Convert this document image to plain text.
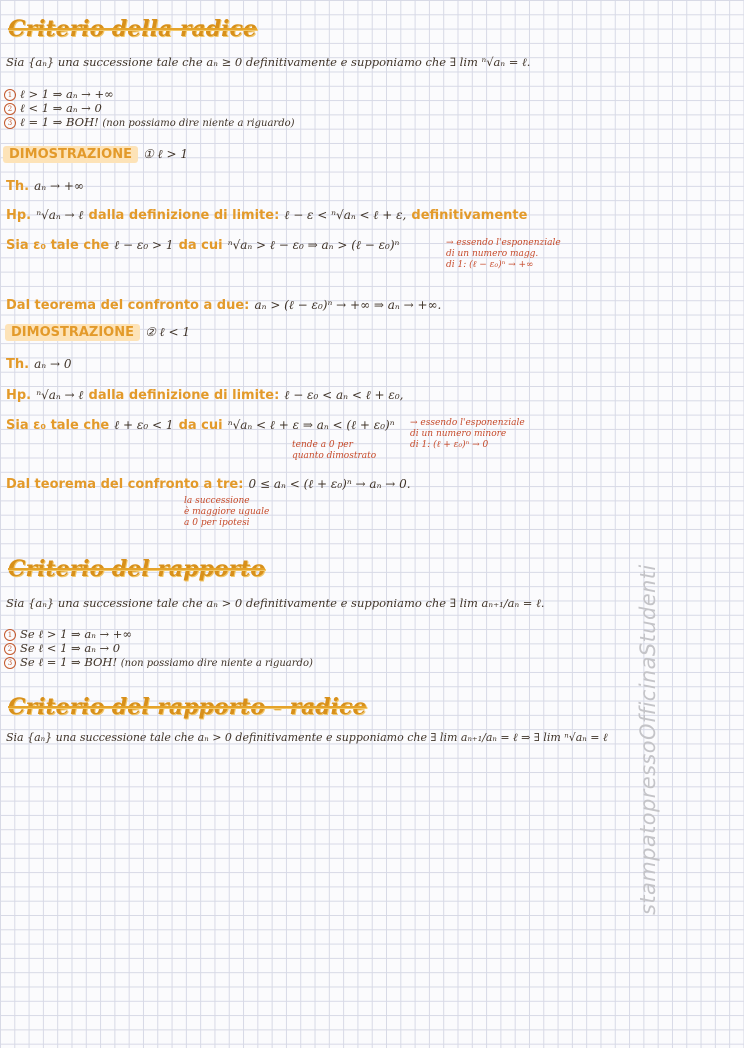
Criterio della radice
Sia {aₙ} una successione tale che aₙ ≥ 0 definitivamente e supponiamo che ∃ lim ⁿ√aₙ = ℓ.
1 ℓ > 1 ⇒ aₙ → +∞
2 ℓ < 1 ⇒ aₙ → 0
3 ℓ = 1 ⇒ BOH! (non possiamo dire niente a riguardo)
DIMOSTRAZIONE ① ℓ > 1
Th. aₙ → +∞
Hp. ⁿ√aₙ → ℓ dalla definizione di limite: ℓ − ε < ⁿ√aₙ < ℓ + ε, definitivamente
Sia ε₀ tale che ℓ − ε₀ > 1 da cui ⁿ√aₙ > ℓ − ε₀ ⇒ aₙ > (ℓ − ε₀)ⁿ	→ essendo l'esponenziale
di un numero magg.
di 1: (ℓ − ε₀)ⁿ → +∞
Dal teorema del confronto a due: aₙ > (ℓ − ε₀)ⁿ → +∞ ⇒ aₙ → +∞.
DIMOSTRAZIONE ② ℓ < 1
Th. aₙ → 0
Hp. ⁿ√aₙ → ℓ dalla definizione di limite: ℓ − ε₀ < aₙ < ℓ + ε₀,
Sia ε₀ tale che ℓ + ε₀ < 1 da cui ⁿ√aₙ < ℓ + ε ⇒ aₙ < (ℓ + ε₀)ⁿ → essendo l'esponenziale
di un numero minore
di 1: (ℓ + ε₀)ⁿ → 0
tende a 0 per
quanto dimostrato
Dal teorema del confronto a tre: 0 ≤ aₙ < (ℓ + ε₀)ⁿ → aₙ → 0.
la successione
è maggiore uguale
a 0 per ipotesi
Criterio del rapporto
Sia {aₙ} una successione tale che aₙ > 0 definitivamente e supponiamo che ∃ lim aₙ₊₁/aₙ = ℓ.
1 Se ℓ > 1 ⇒ aₙ → +∞
2 Se ℓ < 1 ⇒ aₙ → 0
3 Se ℓ = 1 ⇒ BOH! (non possiamo dire niente a riguardo)
Criterio del rapporto - radice
Sia {aₙ} una successione tale che aₙ > 0 definitivamente e supponiamo che ∃ lim aₙ₊₁/aₙ = ℓ ⇒ ∃ lim ⁿ√aₙ = ℓ stampatopressoOfficinaStudenti
